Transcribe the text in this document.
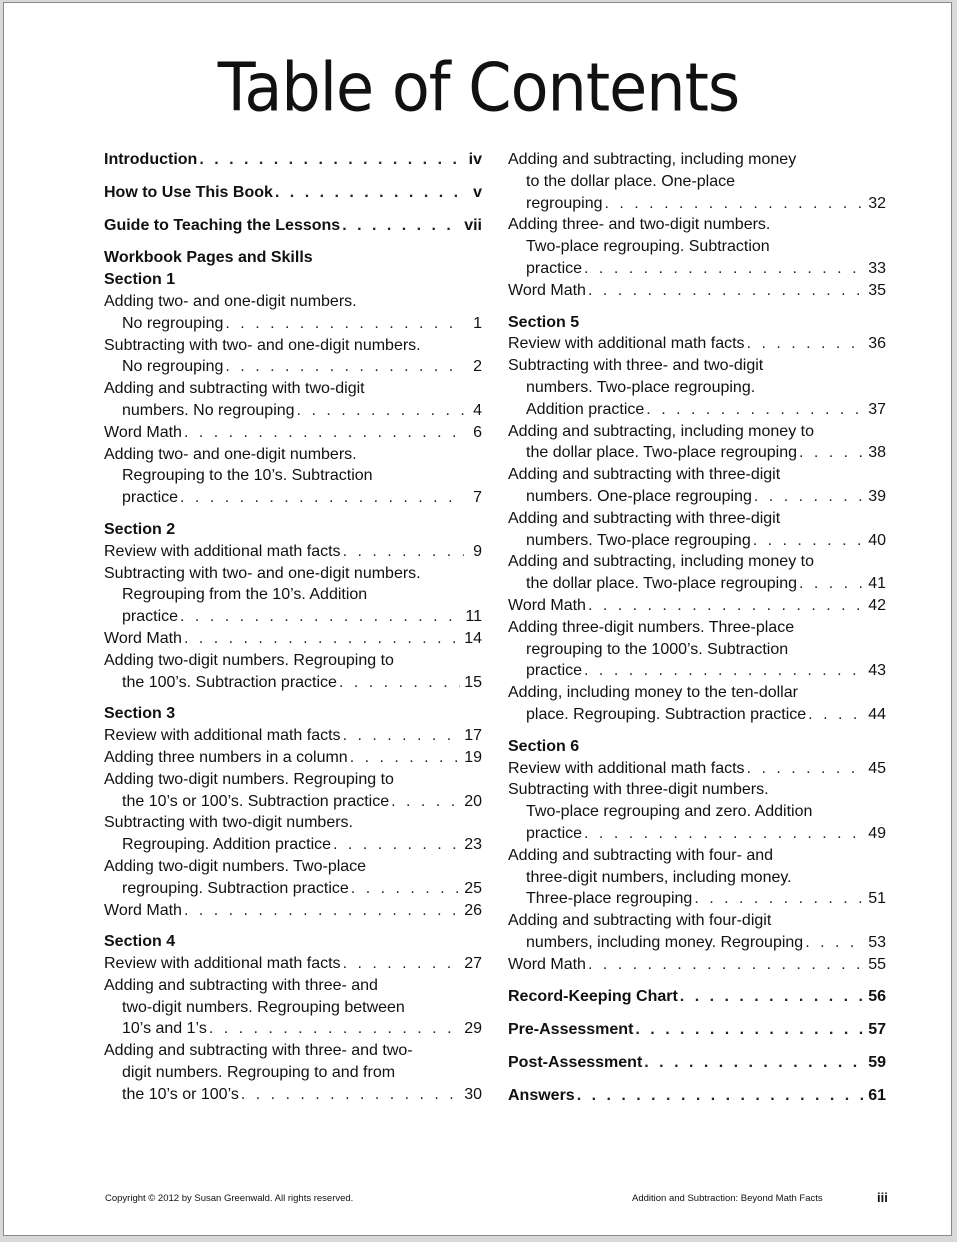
Table of Contents
Introduction . . .	iv
How to Use This Book . . .	v
Guide to Teaching the Lessons . . .	vii
Workbook Pages and Skills
Section 1
Adding two- and one-digit numbers.
No regrouping . . .	1
Subtracting with two- and one-digit numbers.
No regrouping . . .	2
Adding and subtracting with two-digit
numbers. No regrouping . . .	4
Word Math . . .	6
Adding two- and one-digit numbers.
Regrouping to the 10’s. Subtraction
practice . . .	7
Section 2
Review with additional math facts . . .	9
Subtracting with two- and one-digit numbers.
Regrouping from the 10’s. Addition
practice . . .	11
Word Math . . .	14
Adding two-digit numbers. Regrouping to
the 100’s. Subtraction practice . . .	15
Section 3
Review with additional math facts . . .	17
Adding three numbers in a column . . .	19
Adding two-digit numbers. Regrouping to
the 10’s or 100’s. Subtraction practice . . .	20
Subtracting with two-digit numbers.
Regrouping. Addition practice . . .	23
Adding two-digit numbers. Two-place
regrouping. Subtraction practice . . .	25
Word Math . . .	26
Section 4
Review with additional math facts . . .	27
Adding and subtracting with three- and
two-digit numbers. Regrouping between
10’s and 1’s . . .	29
Adding and subtracting with three- and two-
digit numbers. Regrouping to and from
the 10’s or 100’s . . .	30
Adding and subtracting, including money
to the dollar place. One-place
regrouping . . .	32
Adding three- and two-digit numbers.
Two-place regrouping. Subtraction
practice . . .	33
Word Math . . .	35
Section 5
Review with additional math facts . . .	36
Subtracting with three- and two-digit
numbers. Two-place regrouping.
Addition practice . . .	37
Adding and subtracting, including money to
the dollar place. Two-place regrouping . . .	38
Adding and subtracting with three-digit
numbers. One-place regrouping . . .	39
Adding and subtracting with three-digit
numbers. Two-place regrouping . . .	40
Adding and subtracting, including money to
the dollar place. Two-place regrouping . . .	41
Word Math . . .	42
Adding three-digit numbers. Three-place
regrouping to the 1000’s. Subtraction
practice . . .	43
Adding, including money to the ten-dollar
place. Regrouping. Subtraction practice . . .	44
Section 6
Review with additional math facts . . .	45
Subtracting with three-digit numbers.
Two-place regrouping and zero. Addition
practice . . .	49
Adding and subtracting with four- and
three-digit numbers, including money.
Three-place regrouping . . .	51
Adding and subtracting with four-digit
numbers, including money. Regrouping . . .	53
Word Math . . .	55
Record-Keeping Chart . . .	56
Pre-Assessment . . .	57
Post-Assessment . . .	59
Answers . . .	61
Copyright © 2012 by Susan Greenwald. All rights reserved.	Addition and Subtraction: Beyond Math Facts	iii
